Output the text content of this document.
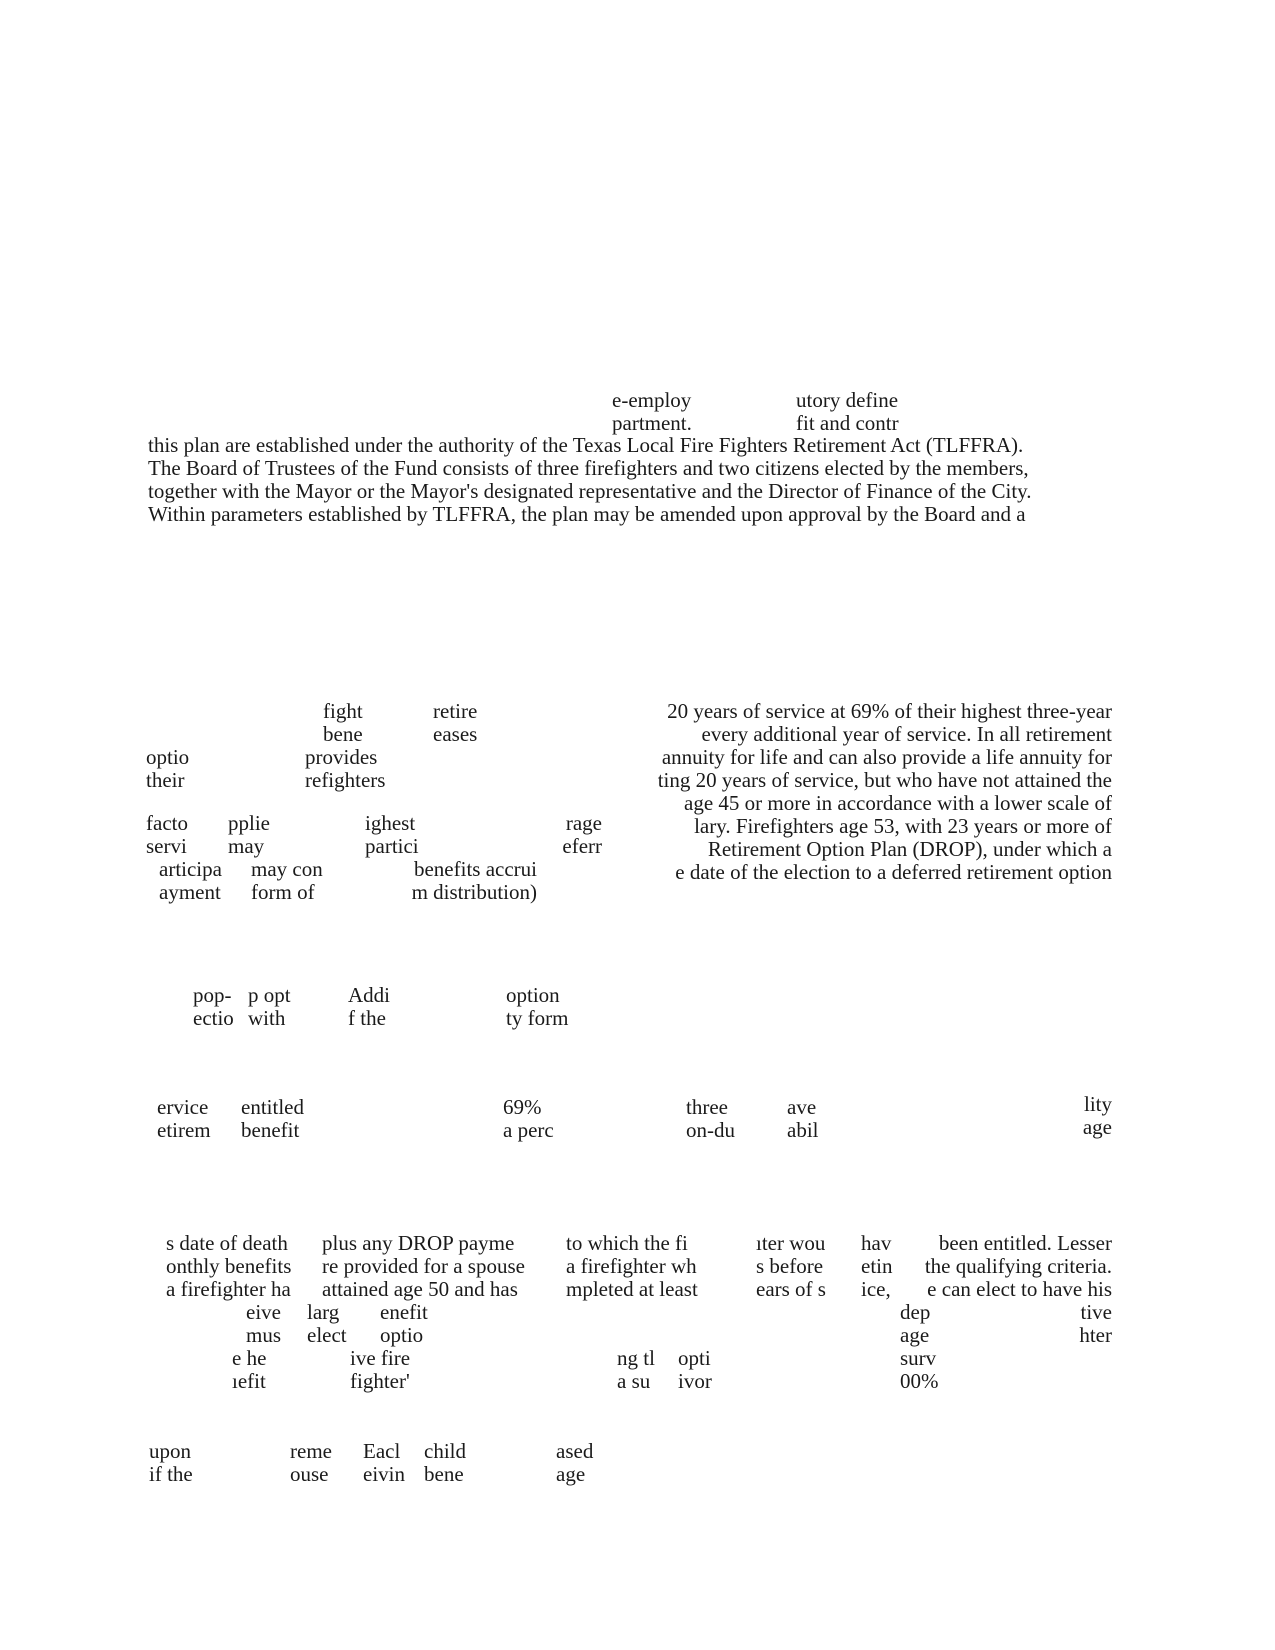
e-employ
partment.
utory define
fit and contr
this plan are established under the authority of the Texas Local Fire Fighters Retirement Act (TLFFRA).
The Board of Trustees of the Fund consists of three firefighters and two citizens elected by the members,
together with the Mayor or the Mayor's designated representative and the Director of Finance of the City.
Within parameters established by TLFFRA, the plan may be amended upon approval by the Board and a
fight
bene
provides
refighters
retire
eases
optio
their
facto
servi
pplie
may
ighest
partici
rage
eferr
articipa
ayment
may con
form of
benefits accrui
m distribution)
20 years of service at 69% of their highest three-year
every additional year of service. In all retirement
annuity for life and can also provide a life annuity for
ting 20 years of service, but who have not attained the
age 45 or more in accordance with a lower scale of
lary. Firefighters age 53, with 23 years or more of
Retirement Option Plan (DROP), under which a
e date of the election to a deferred retirement option
pop-
ectio
p opt
with
Addi
f the
option
ty form
ervice
etirem
entitled
benefit
69%
a perc
three
on-du
ave
abil
lity
age
s date of death
onthly benefits
a firefighter ha
plus any DROP payme
re provided for a spouse
attained age 50 and has
to which the fi
a firefighter wh
mpleted at least
ıter wou
s before
ears of s
hav
etin
ice,
been entitled. Lesser
the qualifying criteria.
e can elect to have his
eive
mus
e he
ıefit
larg
elect
enefit
optio
ive fire
fighter'
ng tl
a su
opti
ivor
dep
age
surv
00%
tive
hter
upon
if the
reme
ouse
Eacl
eivin
child
bene
ased
age
